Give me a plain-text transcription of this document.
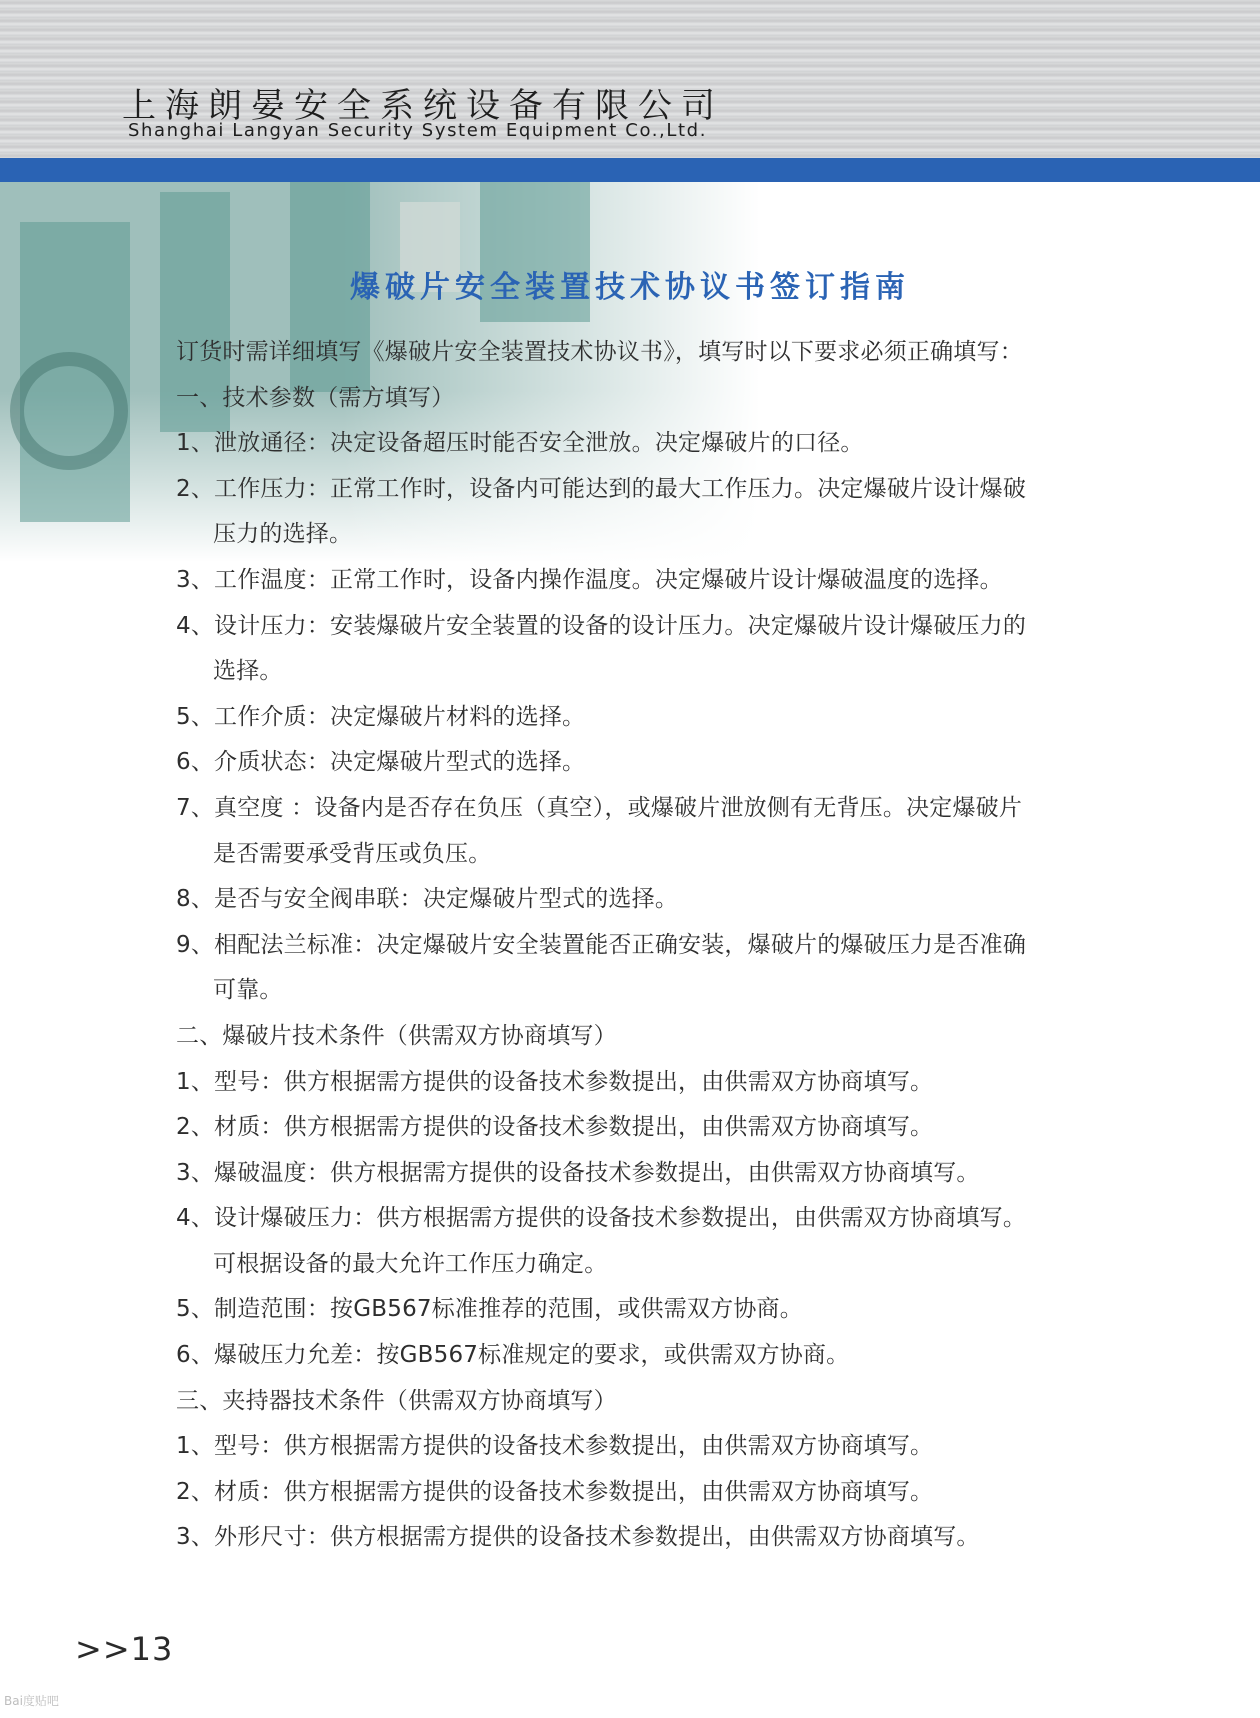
上海朗晏安全系统设备有限公司
Shanghai Langyan Security System Equipment Co.,Ltd.
爆破片安全装置技术协议书签订指南
订货时需详细填写《爆破片安全装置技术协议书》，填写时以下要求必须正确填写：
一、技术参数（需方填写）
1、泄放通径：决定设备超压时能否安全泄放。决定爆破片的口径。
2、工作压力：正常工作时，设备内可能达到的最大工作压力。决定爆破片设计爆破
压力的选择。
3、工作温度：正常工作时，设备内操作温度。决定爆破片设计爆破温度的选择。
4、设计压力：安装爆破片安全装置的设备的设计压力。决定爆破片设计爆破压力的
选择。
5、工作介质：决定爆破片材料的选择。
6、介质状态：决定爆破片型式的选择。
7、真空度 ：设备内是否存在负压（真空），或爆破片泄放侧有无背压。决定爆破片
是否需要承受背压或负压。
8、是否与安全阀串联：决定爆破片型式的选择。
9、相配法兰标准：决定爆破片安全装置能否正确安装，爆破片的爆破压力是否准确
可靠。
二、爆破片技术条件（供需双方协商填写）
1、型号：供方根据需方提供的设备技术参数提出，由供需双方协商填写。
2、材质：供方根据需方提供的设备技术参数提出，由供需双方协商填写。
3、爆破温度：供方根据需方提供的设备技术参数提出，由供需双方协商填写。
4、设计爆破压力：供方根据需方提供的设备技术参数提出，由供需双方协商填写。
可根据设备的最大允许工作压力确定。
5、制造范围：按GB567标准推荐的范围，或供需双方协商。
6、爆破压力允差：按GB567标准规定的要求，或供需双方协商。
三、夹持器技术条件（供需双方协商填写）
1、型号：供方根据需方提供的设备技术参数提出，由供需双方协商填写。
2、材质：供方根据需方提供的设备技术参数提出，由供需双方协商填写。
3、外形尺寸：供方根据需方提供的设备技术参数提出，由供需双方协商填写。
>>13
Bai度贴吧
